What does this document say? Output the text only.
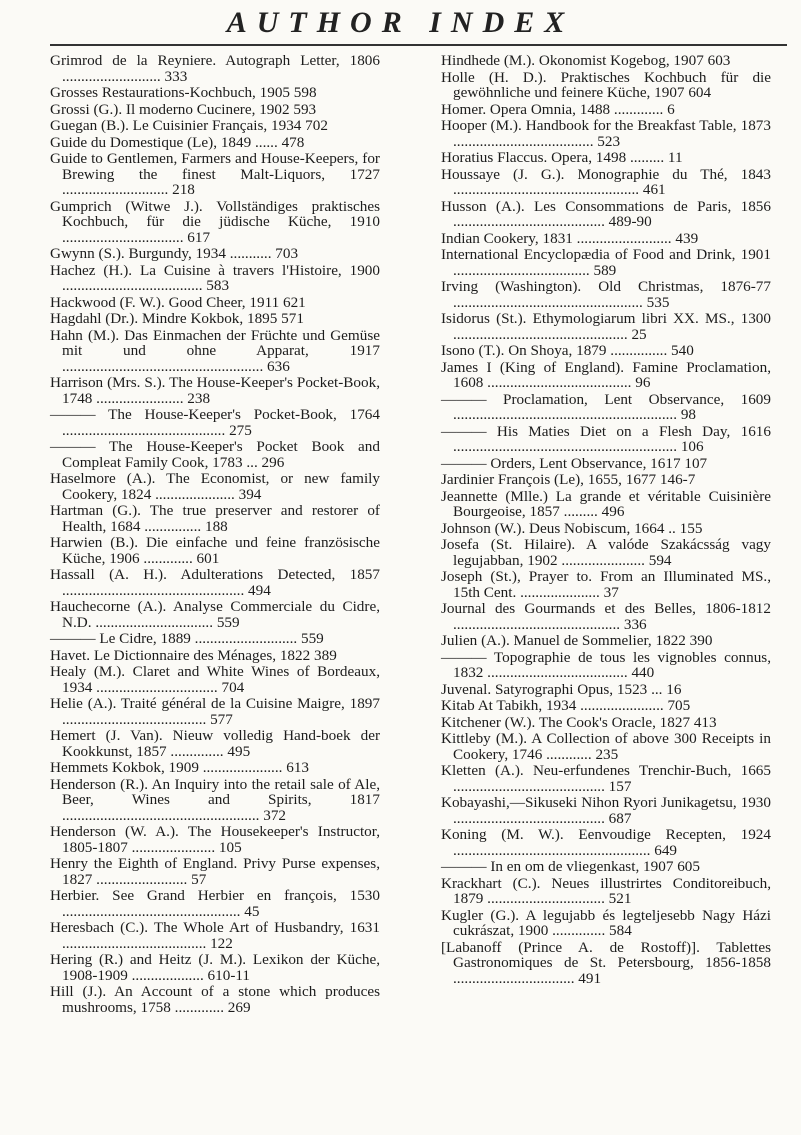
AUTHOR INDEX
Grimrod de la Reyniere. Autograph Letter, 1806 .......................... 333
Grosses Restaurations-Kochbuch, 1905 598
Grossi (G.). Il moderno Cucinere, 1902 593
Guegan (B.). Le Cuisinier Français, 1934 702
Guide du Domestique (Le), 1849 ...... 478
Guide to Gentlemen, Farmers and House-Keepers, for Brewing the finest Malt-Liquors, 1727 ............................ 218
Gumprich (Witwe J.). Vollständiges praktisches Kochbuch, für die jüdische Küche, 1910 ................................ 617
Gwynn (S.). Burgundy, 1934 ........... 703
Hachez (H.). La Cuisine à travers l'Histoire, 1900 ..................................... 583
Hackwood (F. W.). Good Cheer, 1911 621
Hagdahl (Dr.). Mindre Kokbok, 1895 571
Hahn (M.). Das Einmachen der Früchte und Gemüse mit und ohne Apparat, 1917 ..................................................... 636
Harrison (Mrs. S.). The House-Keeper's Pocket-Book, 1748 ....................... 238
——— The House-Keeper's Pocket-Book, 1764 ........................................... 275
——— The House-Keeper's Pocket Book and Compleat Family Cook, 1783 ... 296
Haselmore (A.). The Economist, or new family Cookery, 1824 ..................... 394
Hartman (G.). The true preserver and restorer of Health, 1684 ............... 188
Harwien (B.). Die einfache und feine französische Küche, 1906 ............. 601
Hassall (A. H.). Adulterations Detected, 1857 ................................................ 494
Hauchecorne (A.). Analyse Commerciale du Cidre, N.D. ............................... 559
——— Le Cidre, 1889 ........................... 559
Havet. Le Dictionnaire des Ménages, 1822 389
Healy (M.). Claret and White Wines of Bordeaux, 1934 ................................ 704
Helie (A.). Traité général de la Cuisine Maigre, 1897 ...................................... 577
Hemert (J. Van). Nieuw volledig Hand-boek der Kookkunst, 1857 .............. 495
Hemmets Kokbok, 1909 ..................... 613
Henderson (R.). An Inquiry into the retail sale of Ale, Beer, Wines and Spirits, 1817 .................................................... 372
Henderson (W. A.). The Housekeeper's Instructor, 1805-1807 ...................... 105
Henry the Eighth of England. Privy Purse expenses, 1827 ........................ 57
Herbier. See Grand Herbier en françois, 1530 ............................................... 45
Heresbach (C.). The Whole Art of Husbandry, 1631 ...................................... 122
Hering (R.) and Heitz (J. M.). Lexikon der Küche, 1908-1909 ................... 610-11
Hill (J.). An Account of a stone which produces mushrooms, 1758 ............. 269
Hindhede (M.). Okonomist Kogebog, 1907 603
Holle (H. D.). Praktisches Kochbuch für die gewöhnliche und feinere Küche, 1907 604
Homer. Opera Omnia, 1488 ............. 6
Hooper (M.). Handbook for the Breakfast Table, 1873 ..................................... 523
Horatius Flaccus. Opera, 1498 ......... 11
Houssaye (J. G.). Monographie du Thé, 1843 ................................................. 461
Husson (A.). Les Consommations de Paris, 1856 ........................................ 489-90
Indian Cookery, 1831 ......................... 439
International Encyclopædia of Food and Drink, 1901 .................................... 589
Irving (Washington). Old Christmas, 1876-77 .................................................. 535
Isidorus (St.). Ethymologiarum libri XX. MS., 1300 .............................................. 25
Isono (T.). On Shoya, 1879 ............... 540
James I (King of England). Famine Proclamation, 1608 ...................................... 96
——— Proclamation, Lent Observance, 1609 ........................................................... 98
——— His Maties Diet on a Flesh Day, 1616 ........................................................... 106
——— Orders, Lent Observance, 1617 107
Jardinier François (Le), 1655, 1677 146-7
Jeannette (Mlle.) La grande et véritable Cuisinière Bourgeoise, 1857 ......... 496
Johnson (W.). Deus Nobiscum, 1664 .. 155
Josefa (St. Hilaire). A valóde Szakácsság vagy legujabban, 1902 ...................... 594
Joseph (St.), Prayer to. From an Illuminated MS., 15th Cent. ..................... 37
Journal des Gourmands et des Belles, 1806-1812 ............................................ 336
Julien (A.). Manuel de Sommelier, 1822 390
——— Topographie de tous les vignobles connus, 1832 ..................................... 440
Juvenal. Satyrographi Opus, 1523 ... 16
Kitab At Tabikh, 1934 ...................... 705
Kitchener (W.). The Cook's Oracle, 1827 413
Kittleby (M.). A Collection of above 300 Receipts in Cookery, 1746 ............ 235
Kletten (A.). Neu-erfundenes Trenchir-Buch, 1665 ........................................ 157
Kobayashi,—Sikuseki Nihon Ryori Junikagetsu, 1930 ........................................ 687
Koning (M. W.). Eenvoudige Recepten, 1924 .................................................... 649
——— In en om de vliegenkast, 1907 605
Krackhart (C.). Neues illustrirtes Conditoreibuch, 1879 ............................... 521
Kugler (G.). A legujabb és legteljesebb Nagy Házi cukrászat, 1900 .............. 584
[Labanoff (Prince A. de Rostoff)]. Tablettes Gastronomiques de St. Petersbourg, 1856-1858 ................................ 491
